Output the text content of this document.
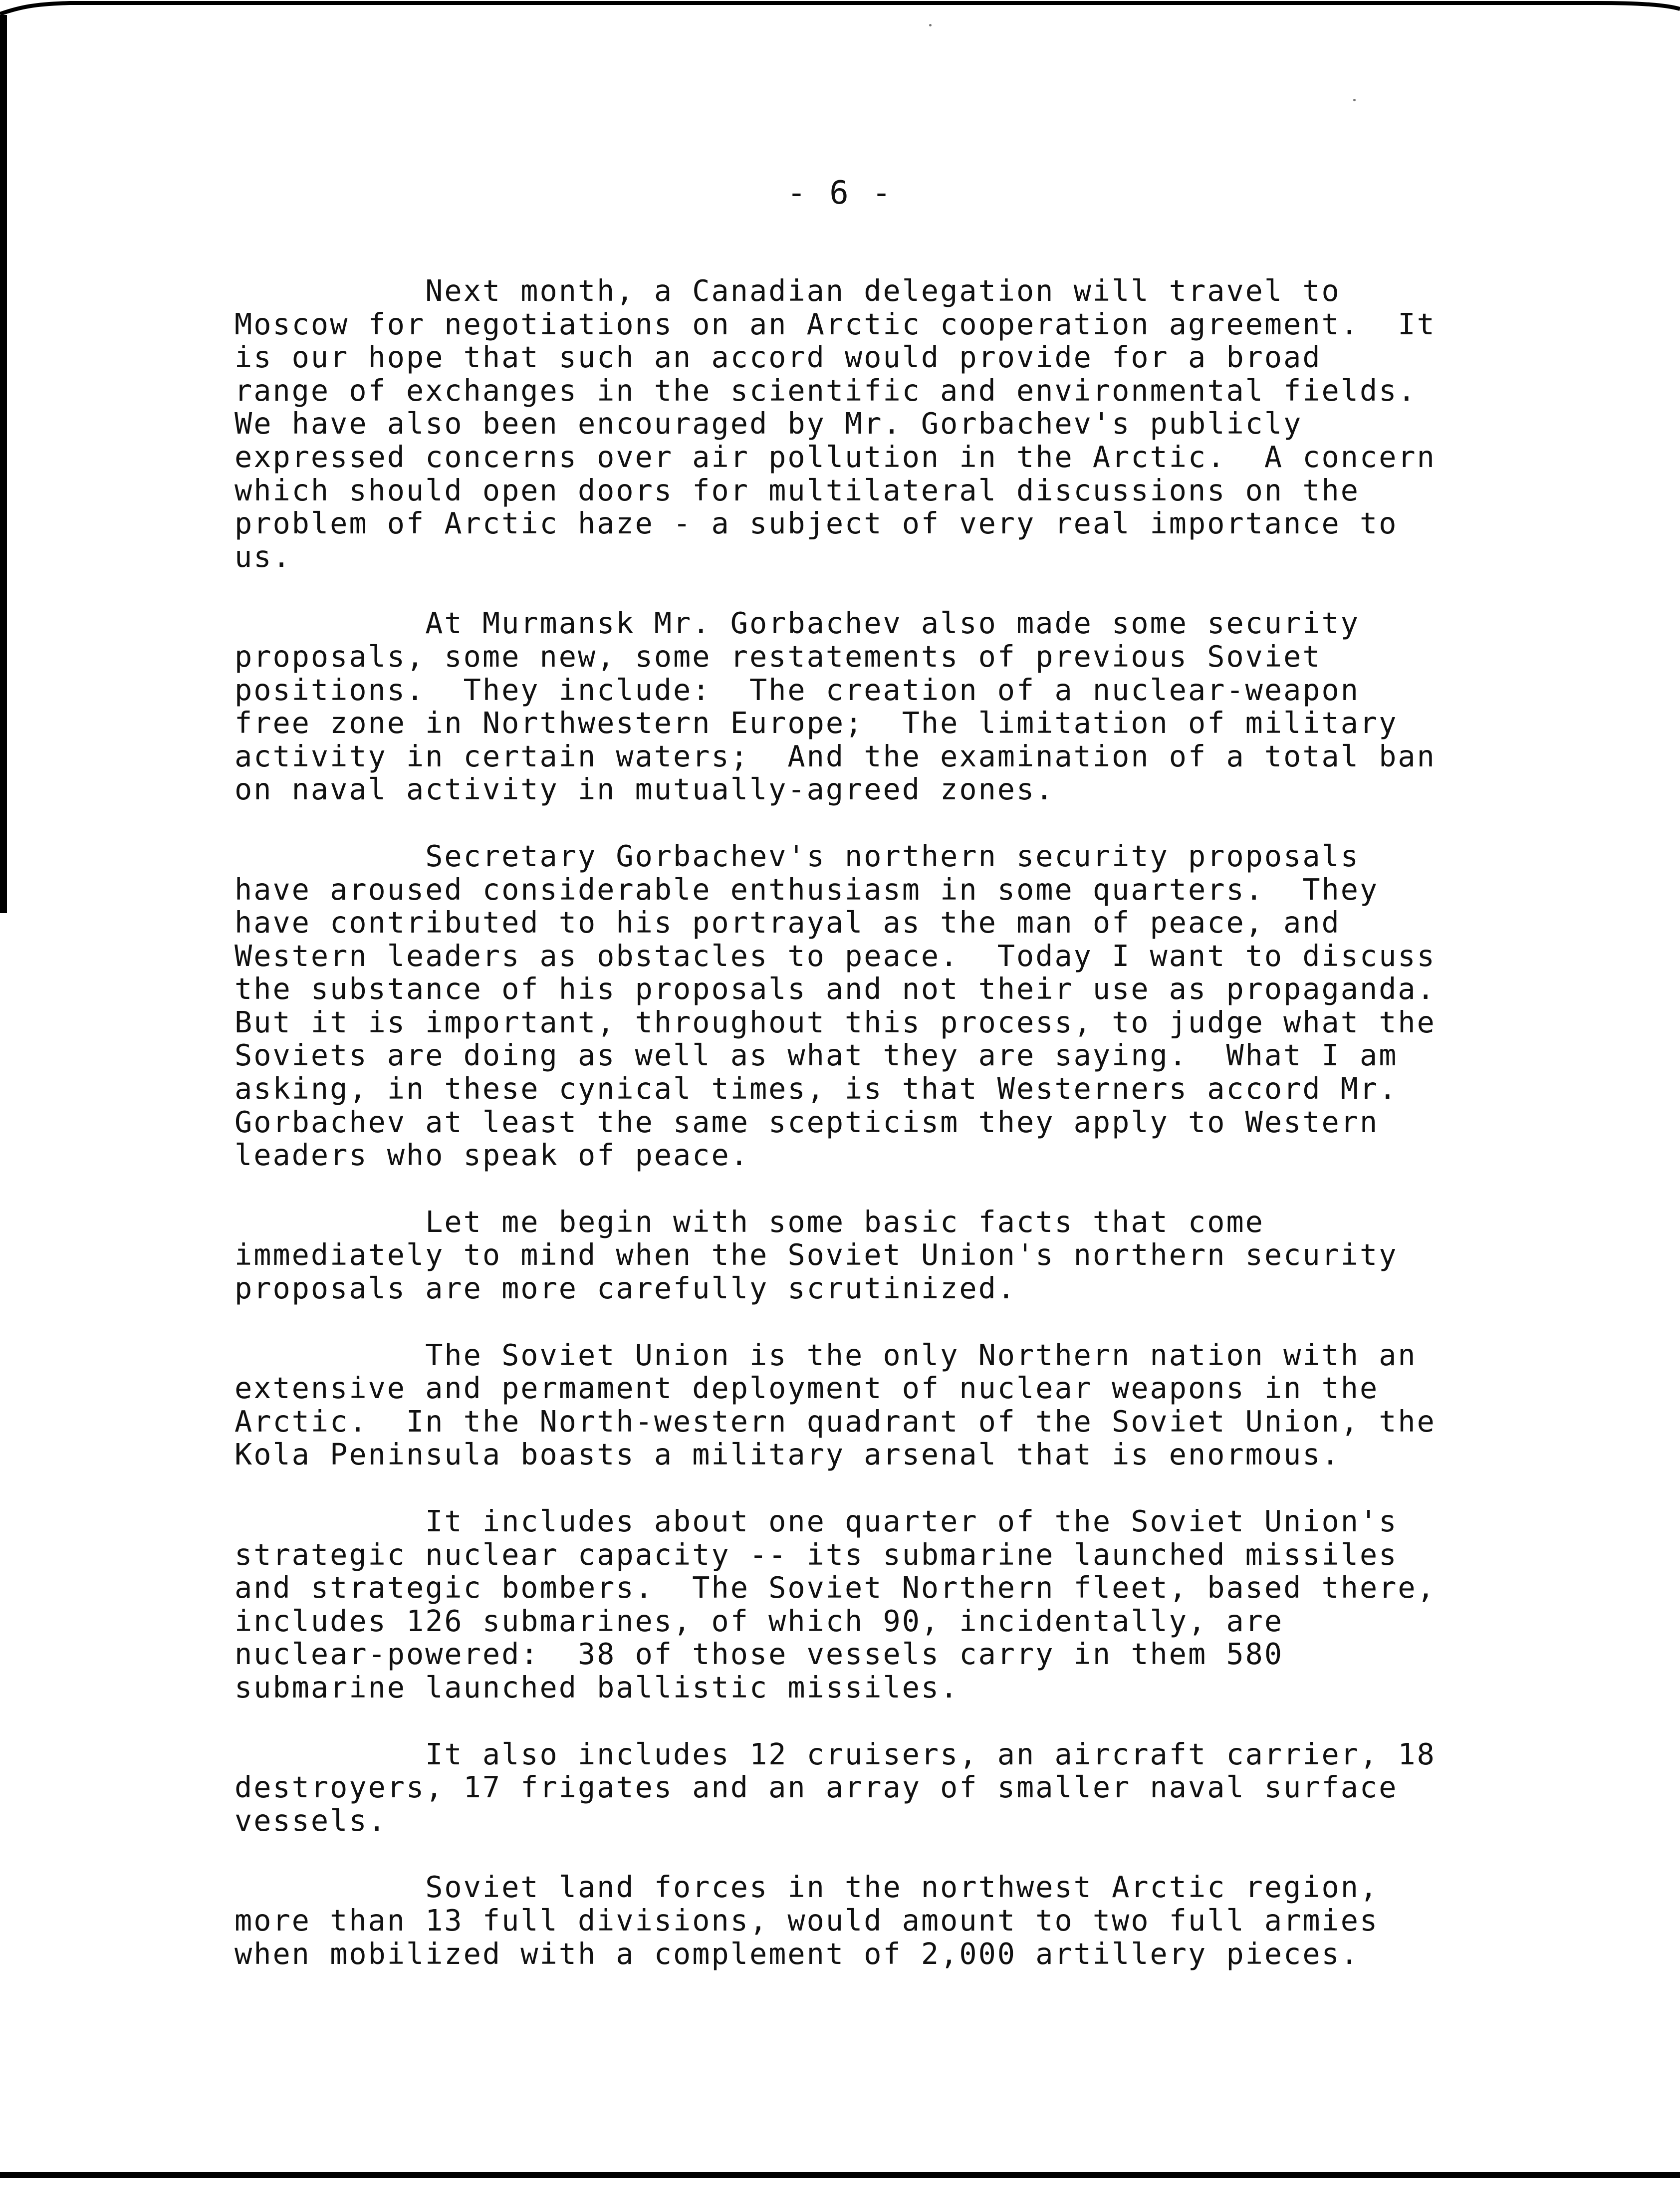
- 6 -

Next month, a Canadian delegation will travel to
Moscow for negotiations on an Arctic cooperation agreement.  It
is our hope that such an accord would provide for a broad
range of exchanges in the scientific and environmental fields.
We have also been encouraged by Mr. Gorbachev's publicly
expressed concerns over air pollution in the Arctic.  A concern
which should open doors for multilateral discussions on the
problem of Arctic haze - a subject of very real importance to
us.

At Murmansk Mr. Gorbachev also made some security
proposals, some new, some restatements of previous Soviet
positions.  They include:  The creation of a nuclear-weapon
free zone in Northwestern Europe;  The limitation of military
activity in certain waters;  And the examination of a total ban
on naval activity in mutually-agreed zones.

Secretary Gorbachev's northern security proposals
have aroused considerable enthusiasm in some quarters.  They
have contributed to his portrayal as the man of peace, and
Western leaders as obstacles to peace.  Today I want to discuss
the substance of his proposals and not their use as propaganda.
But it is important, throughout this process, to judge what the
Soviets are doing as well as what they are saying.  What I am
asking, in these cynical times, is that Westerners accord Mr.
Gorbachev at least the same scepticism they apply to Western
leaders who speak of peace.

Let me begin with some basic facts that come
immediately to mind when the Soviet Union's northern security
proposals are more carefully scrutinized.

The Soviet Union is the only Northern nation with an
extensive and permament deployment of nuclear weapons in the
Arctic.  In the North-western quadrant of the Soviet Union, the
Kola Peninsula boasts a military arsenal that is enormous.

It includes about one quarter of the Soviet Union's
strategic nuclear capacity -- its submarine launched missiles
and strategic bombers.  The Soviet Northern fleet, based there,
includes 126 submarines, of which 90, incidentally, are
nuclear-powered:  38 of those vessels carry in them 580
submarine launched ballistic missiles.

It also includes 12 cruisers, an aircraft carrier, 18
destroyers, 17 frigates and an array of smaller naval surface
vessels.

Soviet land forces in the northwest Arctic region,
more than 13 full divisions, would amount to two full armies
when mobilized with a complement of 2,000 artillery pieces.
